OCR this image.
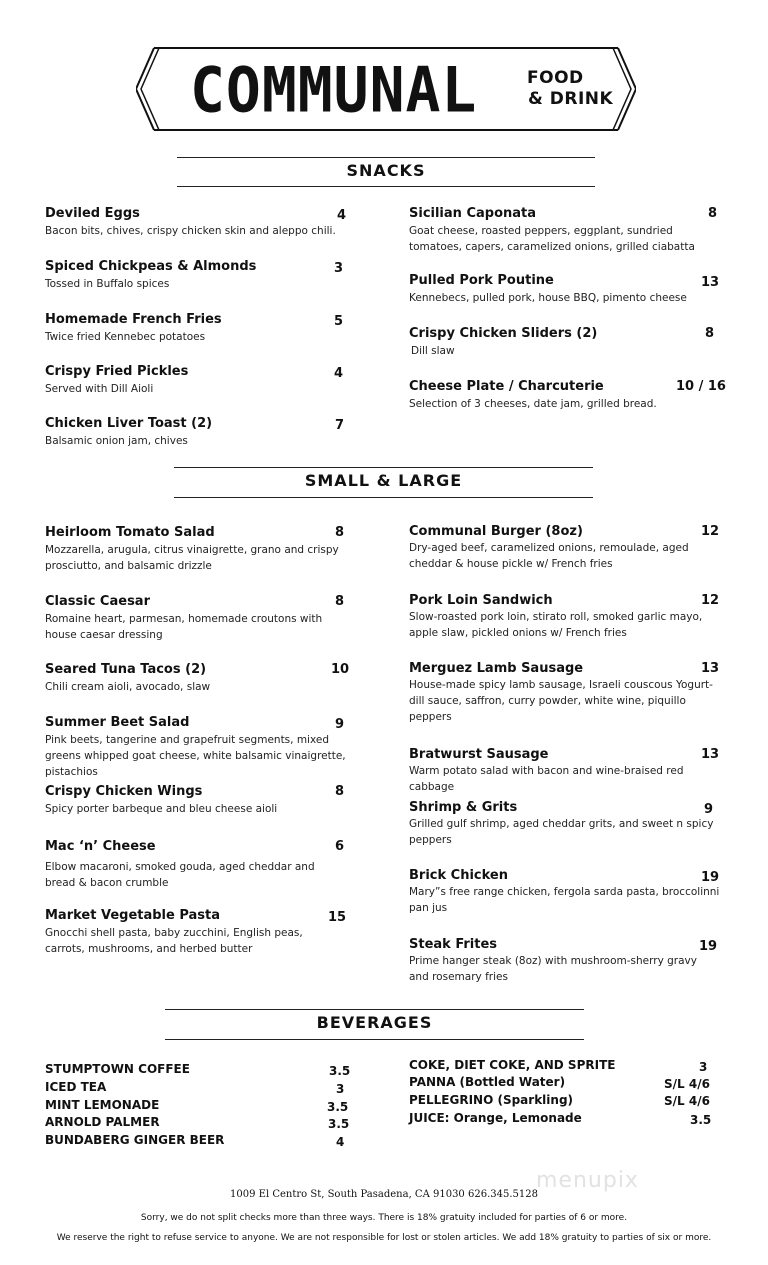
COMMUNAL	FOOD
& DRINK
SNACKS
Deviled Eggs	4
Bacon bits, chives, crispy chicken skin and aleppo chili.
Spiced Chickpeas & Almonds	3
Tossed in Buffalo spices
Homemade French Fries	5
Twice fried Kennebec potatoes
Crispy Fried Pickles	4
Served with Dill Aioli
Chicken Liver Toast (2)	7
Balsamic onion jam, chives
Sicilian Caponata	8
Goat cheese, roasted peppers, eggplant, sundried tomatoes, capers, caramelized onions, grilled ciabatta
Pulled Pork Poutine	13
Kennebecs, pulled pork, house BBQ, pimento cheese
Crispy Chicken Sliders (2)	8
Dill slaw
Cheese Plate / Charcuterie	10 / 16
Selection of 3 cheeses, date jam, grilled bread.
SMALL & LARGE
Heirloom Tomato Salad	8
Mozzarella, arugula, citrus vinaigrette, grano and crispy prosciutto, and balsamic drizzle
Classic Caesar	8
Romaine heart, parmesan, homemade croutons with house caesar dressing
Seared Tuna Tacos (2)	10
Chili cream aioli, avocado, slaw
Summer Beet Salad	9
Pink beets, tangerine and grapefruit segments, mixed greens whipped goat cheese, white balsamic vinaigrette, pistachios
Crispy Chicken Wings	8
Spicy porter barbeque and bleu cheese aioli
Mac ‘n’ Cheese	6
Elbow macaroni, smoked gouda, aged cheddar and bread & bacon crumble
Market Vegetable Pasta	15
Gnocchi shell pasta, baby zucchini, English peas, carrots, mushrooms, and herbed butter
Communal Burger (8oz)	12
Dry-aged beef, caramelized onions, remoulade, aged cheddar & house pickle w/ French fries
Pork Loin Sandwich	12
Slow-roasted pork loin, stirato roll, smoked garlic mayo, apple slaw, pickled onions w/ French fries
Merguez Lamb Sausage	13
House-made spicy lamb sausage, Israeli couscous Yogurt-dill sauce, saffron, curry powder, white wine, piquillo peppers
Bratwurst Sausage	13
Warm potato salad with bacon and wine-braised red cabbage
Shrimp & Grits	9
Grilled gulf shrimp, aged cheddar grits, and sweet n spicy peppers
Brick Chicken	19
Mary”s free range chicken, fergola sarda pasta, broccolinni pan jus
Steak Frites	19
Prime hanger steak (8oz) with mushroom-sherry gravy and rosemary fries
BEVERAGES
STUMPTOWN COFFEE	3.5
ICED TEA	3
MINT LEMONADE	3.5
ARNOLD PALMER	3.5
BUNDABERG GINGER BEER	4
COKE, DIET COKE, AND SPRITE	3
PANNA (Bottled Water)	S/L 4/6
PELLEGRINO (Sparkling)	S/L 4/6
JUICE: Orange, Lemonade	3.5
menupix
1009 El Centro St, South Pasadena, CA 91030 626.345.5128
Sorry, we do not split checks more than three ways. There is 18% gratuity included for parties of 6 or more.
We reserve the right to refuse service to anyone. We are not responsible for lost or stolen articles. We add 18% gratuity to parties of six or more.
